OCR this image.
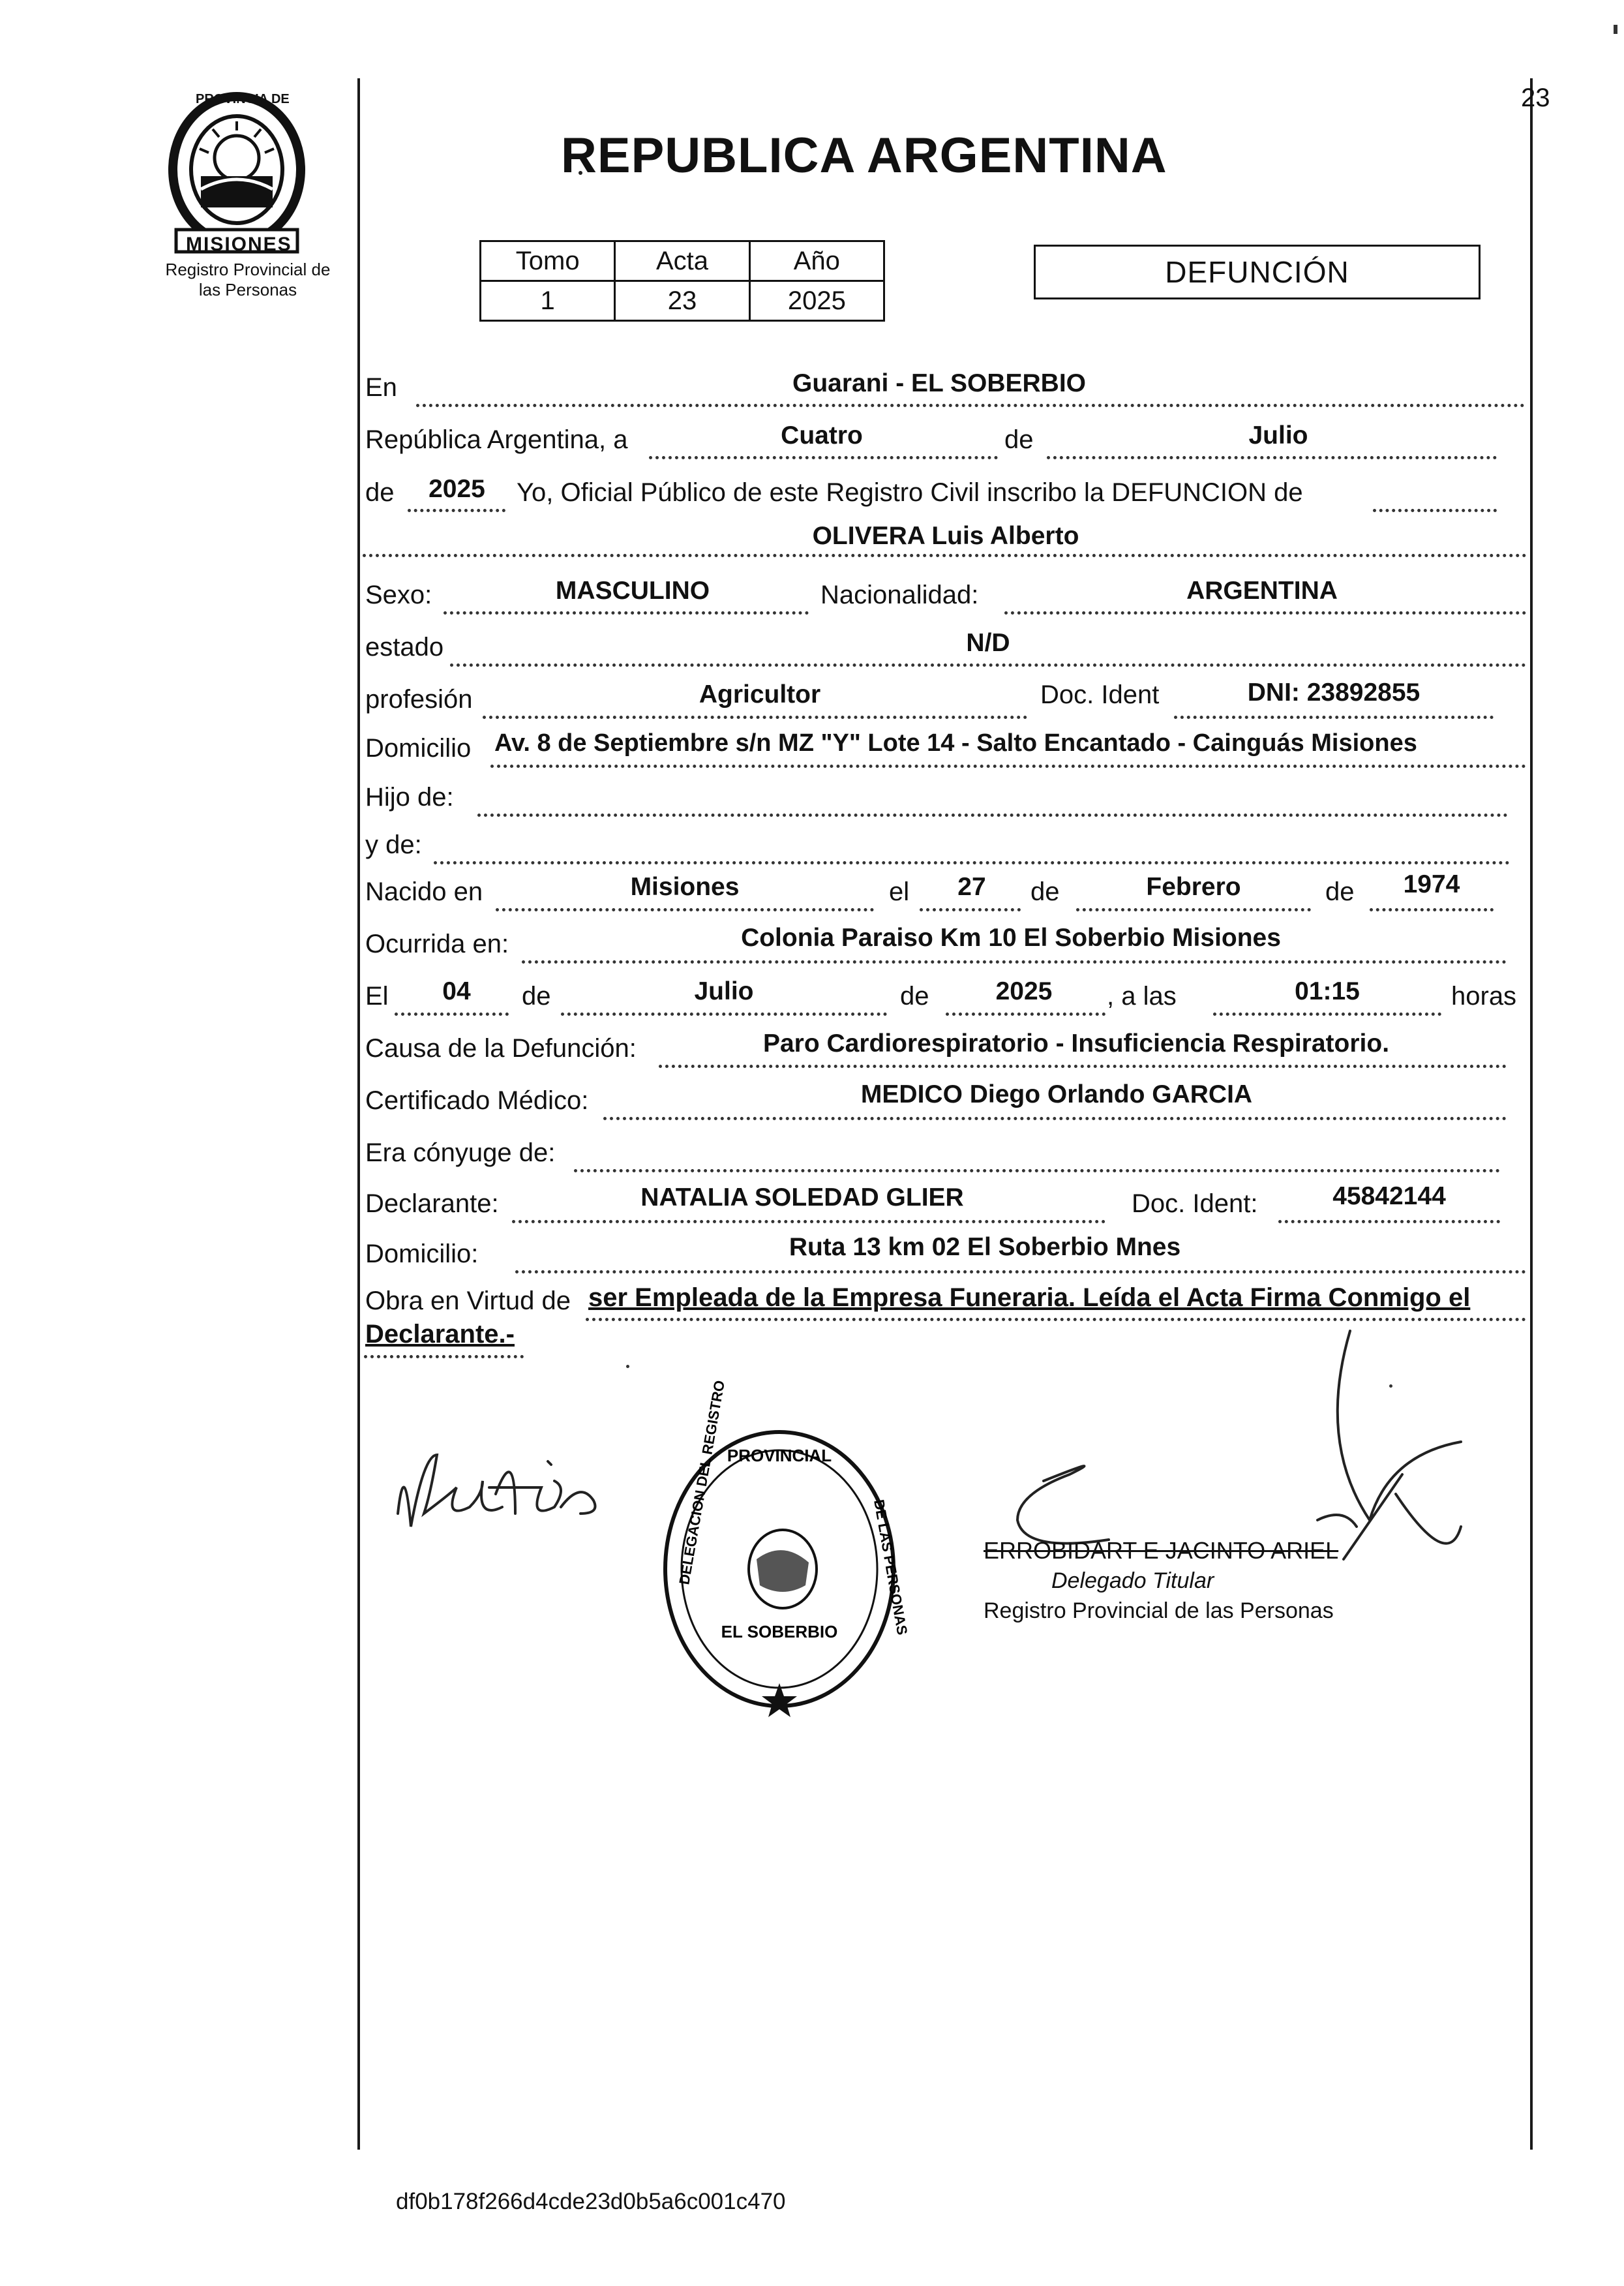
PROVINCIA DE
MISIONES
Registro Provincial de
las Personas
REPUBLICA ARGENTINA
23
Tomo	Acta	Año
1	23	2025
DEFUNCIÓN
En	Guarani - EL SOBERBIO
República Argentina, a	Cuatro	de	Julio
de	2025	Yo, Oficial Público de este Registro Civil inscribo la DEFUNCION de
OLIVERA Luis Alberto
Sexo:	MASCULINO	Nacionalidad:	ARGENTINA
estado	N/D
profesión	Agricultor	Doc. Ident	DNI: 23892855
Domicilio Av. 8 de Septiembre s/n MZ "Y" Lote 14 - Salto Encantado - Cainguás Misiones
Hijo de:
y de:
Nacido en	Misiones	el	27	de	Febrero	de	1974
Ocurrida en:	Colonia Paraiso Km 10 El Soberbio Misiones
El	04	de	Julio	de	2025	, a las	01:15	horas
Causa de la Defunción:	Paro Cardiorespiratorio - Insuficiencia Respiratorio.
Certificado Médico:	MEDICO Diego Orlando GARCIA
Era cónyuge de:
Declarante:	NATALIA SOLEDAD GLIER	Doc. Ident:	45842144
Domicilio:	Ruta 13 km 02 El Soberbio Mnes
Obra en Virtud de ser Empleada de la Empresa Funeraria. Leída el Acta Firma Conmigo el
Declarante.-
PROVINCIAL
EL SOBERBIO
DELEGACION DEL REGISTRO	DE LAS PERSONAS	ERROBIDART E JACINTO ARIEL
Delegado Titular
Registro Provincial de las Personas
df0b178f266d4cde23d0b5a6c001c470
